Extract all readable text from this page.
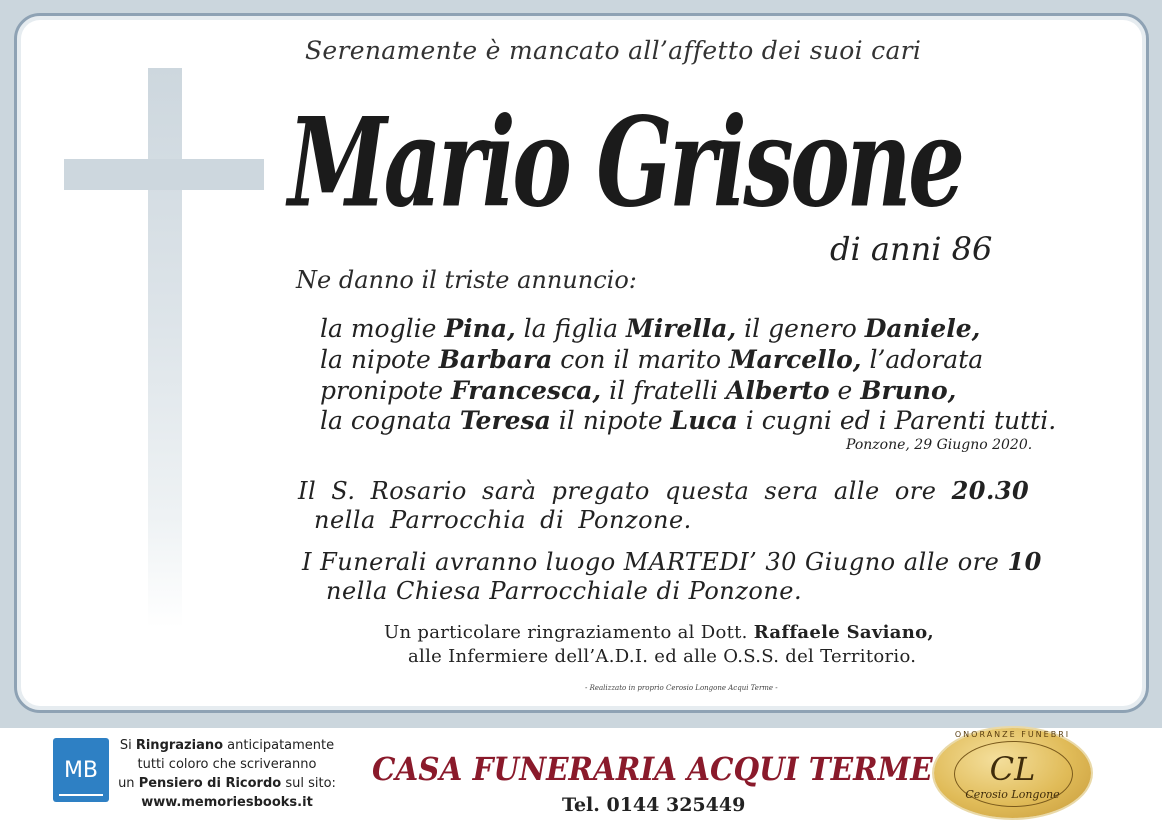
Serenamente è mancato all’affetto dei suoi cari
Mario Grisone
di anni 86
Ne danno il triste annuncio:
la moglie Pina, la figlia Mirella, il genero Daniele,
la nipote Barbara con il marito Marcello, l’adorata
pronipote Francesca, il fratelli Alberto e Bruno,
la cognata Teresa il nipote Luca i cugni ed i Parenti tutti.
Ponzone, 29 Giugno 2020.
Il S. Rosario sarà pregato questa sera alle ore 20.30
nella Parrocchia di Ponzone.
I Funerali avranno luogo MARTEDI’ 30 Giugno alle ore 10
nella Chiesa Parrocchiale di Ponzone.
Un particolare ringraziamento al Dott. Raffaele Saviano,
alle Infermiere dell’A.D.I. ed alle O.S.S. del Territorio.
- Realizzato in proprio Cerosio Longone Acqui Terme -
MB
Si Ringraziano anticipatamente
tutti coloro che scriveranno
un Pensiero di Ricordo sul sito:
www.memoriesbooks.it
CASA FUNERARIA ACQUI TERME
Tel. 0144 325449
ONORANZE FUNEBRI
CL
Cerosio Longone
